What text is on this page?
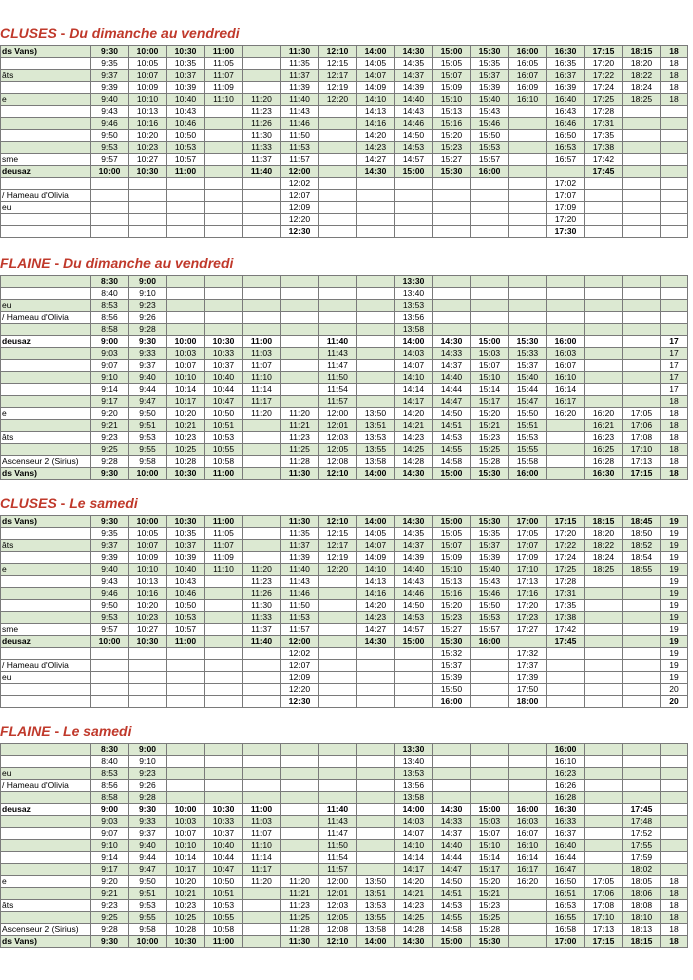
CLUSES - Du dimanche au vendredi
ds Vans)	9:30	10:00	10:30	11:00		11:30	12:10	14:00	14:30	15:00	15:30	16:00	16:30	17:15	18:15	18
	9:35	10:05	10:35	11:05		11:35	12:15	14:05	14:35	15:05	15:35	16:05	16:35	17:20	18:20	18
âts	9:37	10:07	10:37	11:07		11:37	12:17	14:07	14:37	15:07	15:37	16:07	16:37	17:22	18:22	18
	9:39	10:09	10:39	11:09		11:39	12:19	14:09	14:39	15:09	15:39	16:09	16:39	17:24	18:24	18
e	9:40	10:10	10:40	11:10	11:20	11:40	12:20	14:10	14:40	15:10	15:40	16:10	16:40	17:25	18:25	18
	9:43	10:13	10:43		11:23	11:43		14:13	14:43	15:13	15:43		16:43	17:28		
	9:46	10:16	10:46		11:26	11:46		14:16	14:46	15:16	15:46		16:46	17:31		
	9:50	10:20	10:50		11:30	11:50		14:20	14:50	15:20	15:50		16:50	17:35		
	9:53	10:23	10:53		11:33	11:53		14:23	14:53	15:23	15:53		16:53	17:38		
sme	9:57	10:27	10:57		11:37	11:57		14:27	14:57	15:27	15:57		16:57	17:42		
deusaz	10:00	10:30	11:00		11:40	12:00		14:30	15:00	15:30	16:00			17:45		
						12:02							17:02			
/ Hameau d'Olivia						12:07							17:07			
eu						12:09							17:09			
						12:20							17:20			
						12:30							17:30			
FLAINE - Du dimanche au vendredi
	8:30	9:00							13:30							
	8:40	9:10							13:40							
eu	8:53	9:23							13:53							
/ Hameau d'Olivia	8:56	9:26							13:56							
	8:58	9:28							13:58							
deusaz	9:00	9:30	10:00	10:30	11:00		11:40		14:00	14:30	15:00	15:30	16:00			17
	9:03	9:33	10:03	10:33	11:03		11:43		14:03	14:33	15:03	15:33	16:03			17
	9:07	9:37	10:07	10:37	11:07		11:47		14:07	14:37	15:07	15:37	16:07			17
	9:10	9:40	10:10	10:40	11:10		11:50		14:10	14:40	15:10	15:40	16:10			17
	9:14	9:44	10:14	10:44	11:14		11:54		14:14	14:44	15:14	15:44	16:14			17
	9:17	9:47	10:17	10:47	11:17		11:57		14:17	14:47	15:17	15:47	16:17			18
e	9:20	9:50	10:20	10:50	11:20	11:20	12:00	13:50	14:20	14:50	15:20	15:50	16:20	16:20	17:05	18
	9:21	9:51	10:21	10:51		11:21	12:01	13:51	14:21	14:51	15:21	15:51		16:21	17:06	18
âts	9:23	9:53	10:23	10:53		11:23	12:03	13:53	14:23	14:53	15:23	15:53		16:23	17:08	18
	9:25	9:55	10:25	10:55		11:25	12:05	13:55	14:25	14:55	15:25	15:55		16:25	17:10	18
Ascenseur 2 (Sirius)	9:28	9:58	10:28	10:58		11:28	12:08	13:58	14:28	14:58	15:28	15:58		16:28	17:13	18
ds Vans)	9:30	10:00	10:30	11:00		11:30	12:10	14:00	14:30	15:00	15:30	16:00		16:30	17:15	18
CLUSES - Le samedi
ds Vans)	9:30	10:00	10:30	11:00		11:30	12:10	14:00	14:30	15:00	15:30	17:00	17:15	18:15	18:45	19
	9:35	10:05	10:35	11:05		11:35	12:15	14:05	14:35	15:05	15:35	17:05	17:20	18:20	18:50	19
âts	9:37	10:07	10:37	11:07		11:37	12:17	14:07	14:37	15:07	15:37	17:07	17:22	18:22	18:52	19
	9:39	10:09	10:39	11:09		11:39	12:19	14:09	14:39	15:09	15:39	17:09	17:24	18:24	18:54	19
e	9:40	10:10	10:40	11:10	11:20	11:40	12:20	14:10	14:40	15:10	15:40	17:10	17:25	18:25	18:55	19
	9:43	10:13	10:43		11:23	11:43		14:13	14:43	15:13	15:43	17:13	17:28			19
	9:46	10:16	10:46		11:26	11:46		14:16	14:46	15:16	15:46	17:16	17:31			19
	9:50	10:20	10:50		11:30	11:50		14:20	14:50	15:20	15:50	17:20	17:35			19
	9:53	10:23	10:53		11:33	11:53		14:23	14:53	15:23	15:53	17:23	17:38			19
sme	9:57	10:27	10:57		11:37	11:57		14:27	14:57	15:27	15:57	17:27	17:42			19
deusaz	10:00	10:30	11:00		11:40	12:00		14:30	15:00	15:30	16:00		17:45			19
						12:02				15:32		17:32				19
/ Hameau d'Olivia						12:07				15:37		17:37				19
eu						12:09				15:39		17:39				19
						12:20				15:50		17:50				20
						12:30				16:00		18:00				20
FLAINE - Le samedi
	8:30	9:00							13:30				16:00			
	8:40	9:10							13:40				16:10			
eu	8:53	9:23							13:53				16:23			
/ Hameau d'Olivia	8:56	9:26							13:56				16:26			
	8:58	9:28							13:58				16:28			
deusaz	9:00	9:30	10:00	10:30	11:00		11:40		14:00	14:30	15:00	16:00	16:30		17:45	
	9:03	9:33	10:03	10:33	11:03		11:43		14:03	14:33	15:03	16:03	16:33		17:48	
	9:07	9:37	10:07	10:37	11:07		11:47		14:07	14:37	15:07	16:07	16:37		17:52	
	9:10	9:40	10:10	10:40	11:10		11:50		14:10	14:40	15:10	16:10	16:40		17:55	
	9:14	9:44	10:14	10:44	11:14		11:54		14:14	14:44	15:14	16:14	16:44		17:59	
	9:17	9:47	10:17	10:47	11:17		11:57		14:17	14:47	15:17	16:17	16:47		18:02	
e	9:20	9:50	10:20	10:50	11:20	11:20	12:00	13:50	14:20	14:50	15:20	16:20	16:50	17:05	18:05	18
	9:21	9:51	10:21	10:51		11:21	12:01	13:51	14:21	14:51	15:21		16:51	17:06	18:06	18
âts	9:23	9:53	10:23	10:53		11:23	12:03	13:53	14:23	14:53	15:23		16:53	17:08	18:08	18
	9:25	9:55	10:25	10:55		11:25	12:05	13:55	14:25	14:55	15:25		16:55	17:10	18:10	18
Ascenseur 2 (Sirius)	9:28	9:58	10:28	10:58		11:28	12:08	13:58	14:28	14:58	15:28		16:58	17:13	18:13	18
ds Vans)	9:30	10:00	10:30	11:00		11:30	12:10	14:00	14:30	15:00	15:30		17:00	17:15	18:15	18
